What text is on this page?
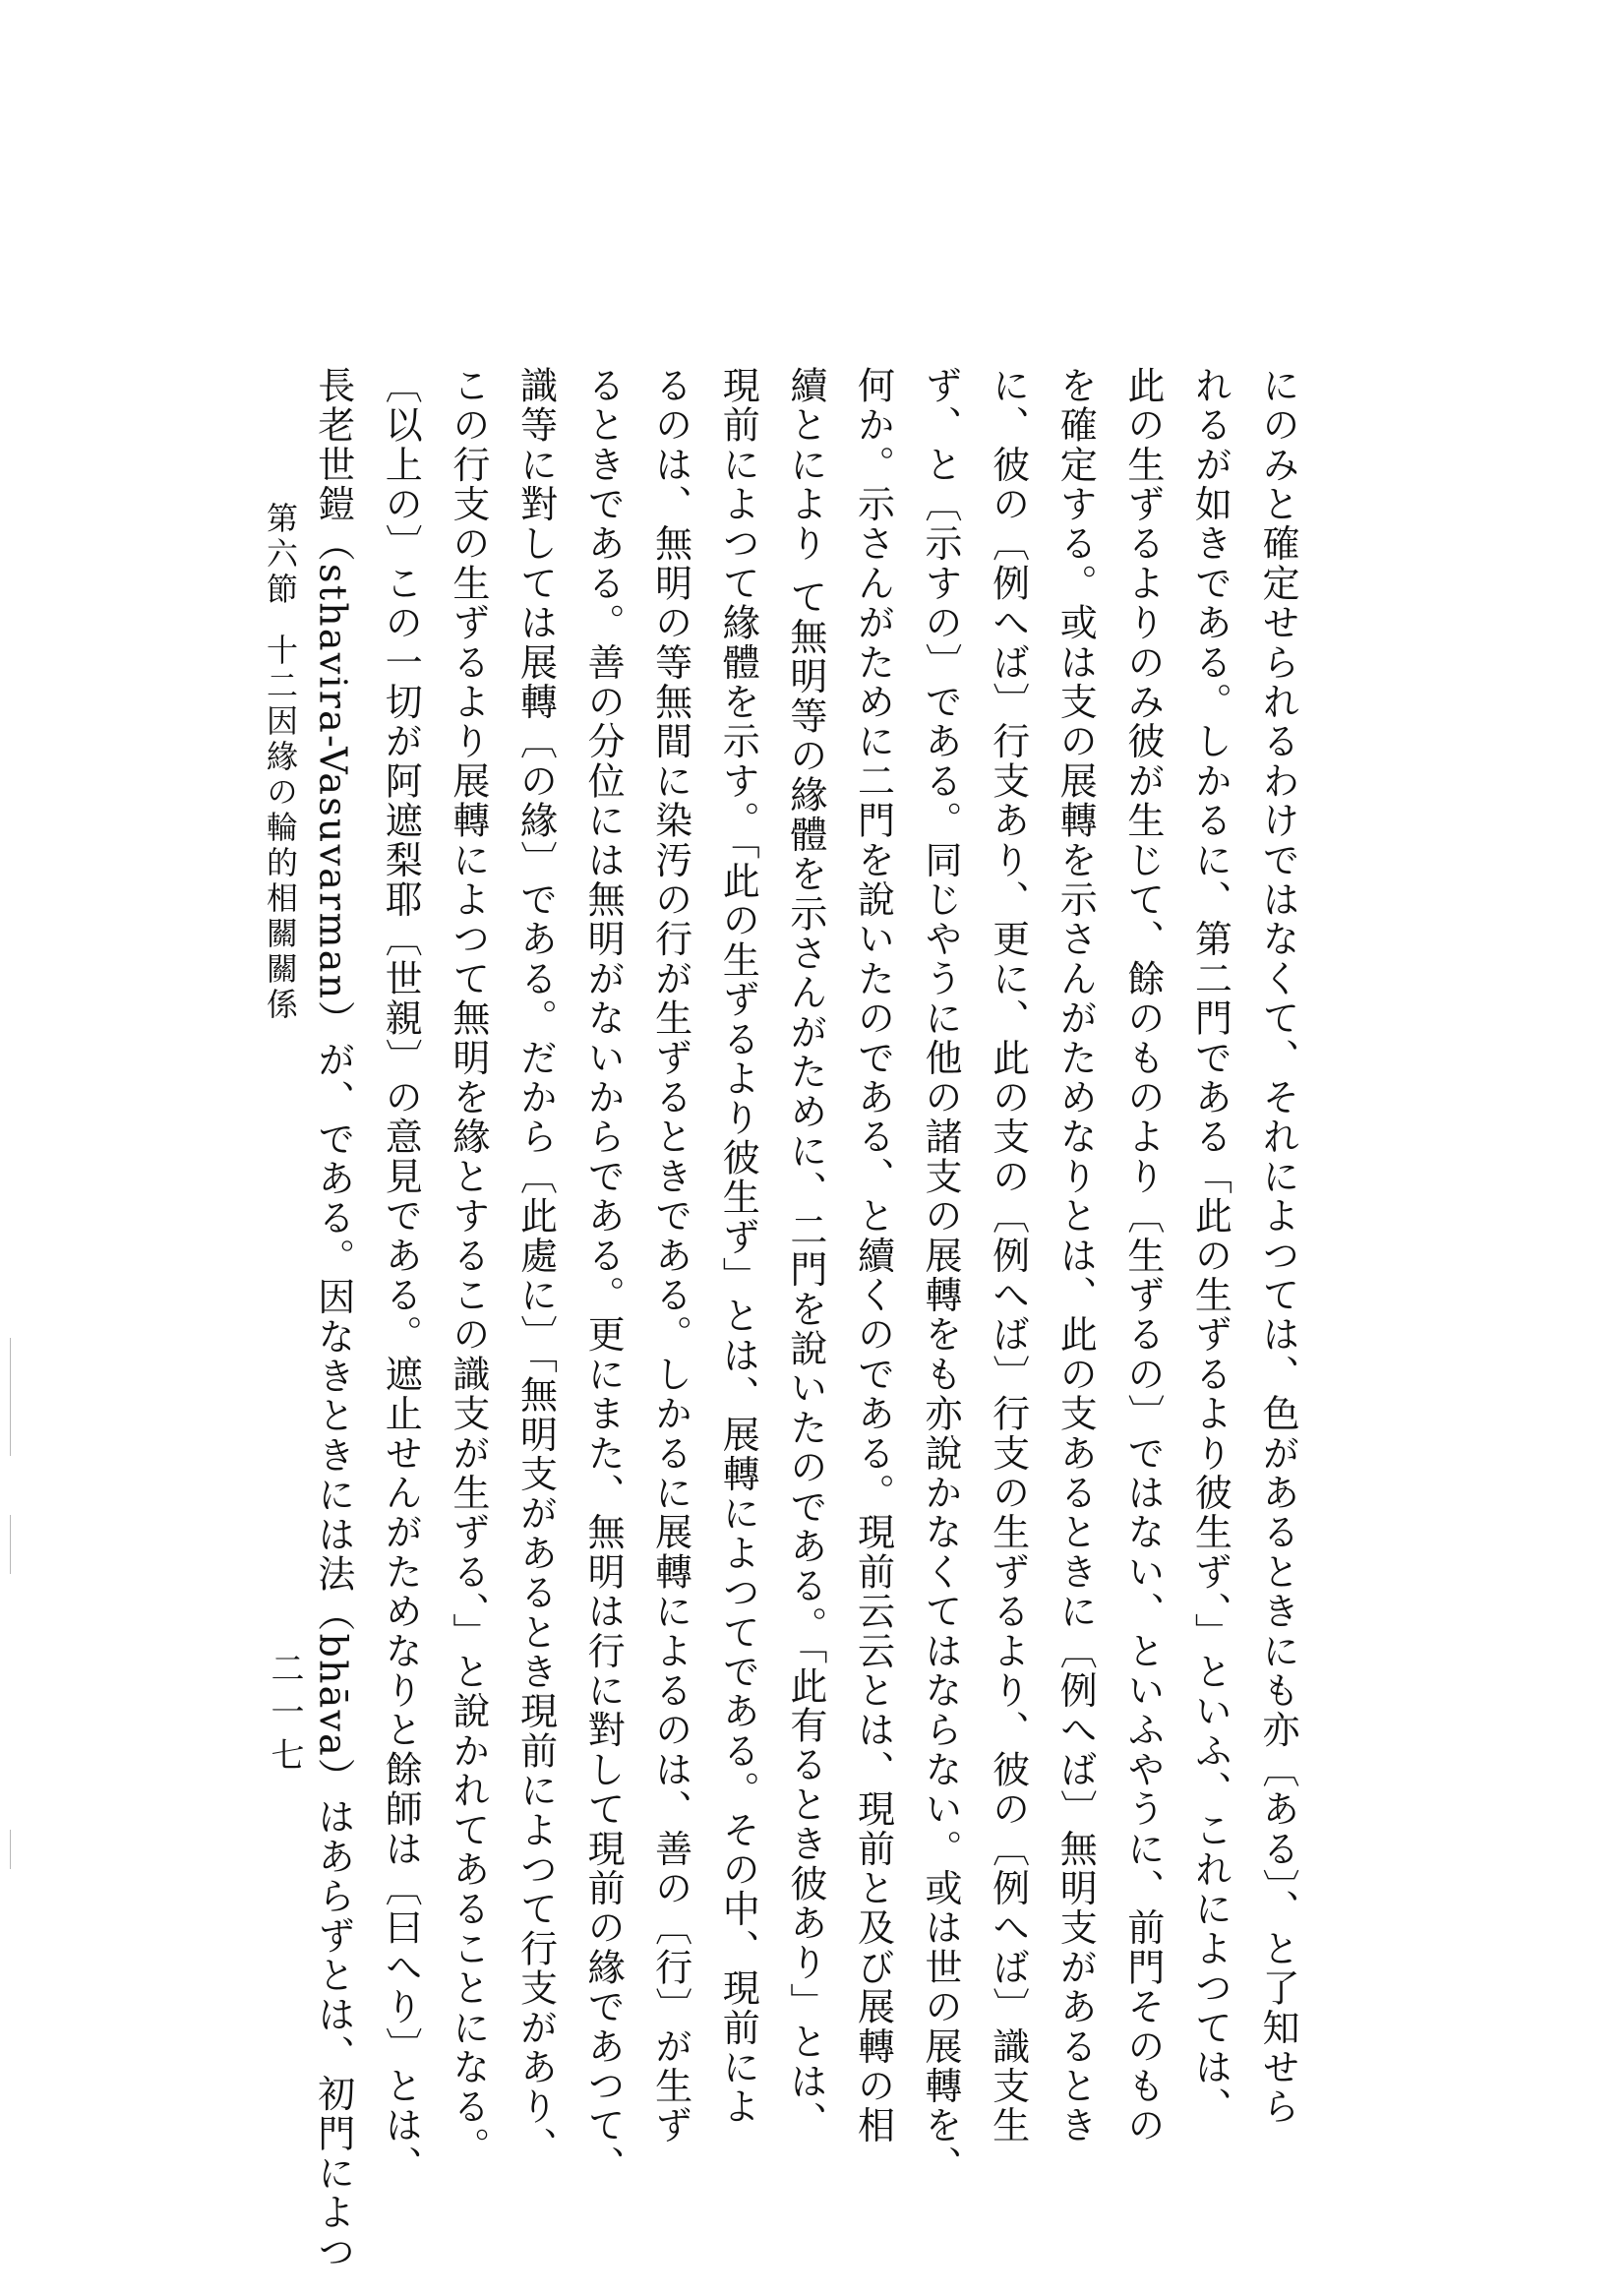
にのみと確定せられるわけではなくて、それによつては、色があるときにも亦〔ある〕、と了知せら
れるが如きである。しかるに、第二門である「此の生ずるより彼生ず、」といふ、これによつては、
此の生ずるよりのみ彼が生じて、餘のものより〔生ずるの〕ではない、といふやうに、前門そのもの
を確定する。或は支の展轉を示さんがためなりとは、此の支あるときに〔例へば〕無明支があるとき
に、彼の〔例へば〕行支あり、更に、此の支の〔例へば〕行支の生ずるより、彼の〔例へば〕識支生
ず、と〔示すの〕である。同じやうに他の諸支の展轉をも亦說かなくてはならない。或は世の展轉を、
何か。示さんがために二門を說いたのである、と續くのである。現前云云とは、現前と及び展轉の相
續とにより て無明等の緣體を示さんがために、二門を說いたのである。「此有るとき彼あり」とは、
現前によつて緣體を示す。「此の生ずるより彼生ず」とは、展轉によつてである。その中、現前によ
るのは、無明の等無間に染汚の行が生ずるときである。しかるに展轉によるのは、善の〔行〕が生ず
るときである。善の分位には無明がないからである。更にまた、無明は行に對して現前の緣であつて、
識等に對しては展轉〔の緣〕である。だから〔此處に〕「無明支があるとき現前によつて行支があり、
この行支の生ずるより展轉によつて無明を緣とするこの識支が生ずる、」と說かれてあることになる。
〔以上の〕この一切が阿遮梨耶〔世親〕の意見である。遮止せんがためなりと餘師は〔曰へり〕とは、
長老世鎧（sthavira-Vasuvarman）が、である。因なきときには法（bhāva）はあらずとは、初門によつ
第六節十二因緣の輪的相關關係
二一七
